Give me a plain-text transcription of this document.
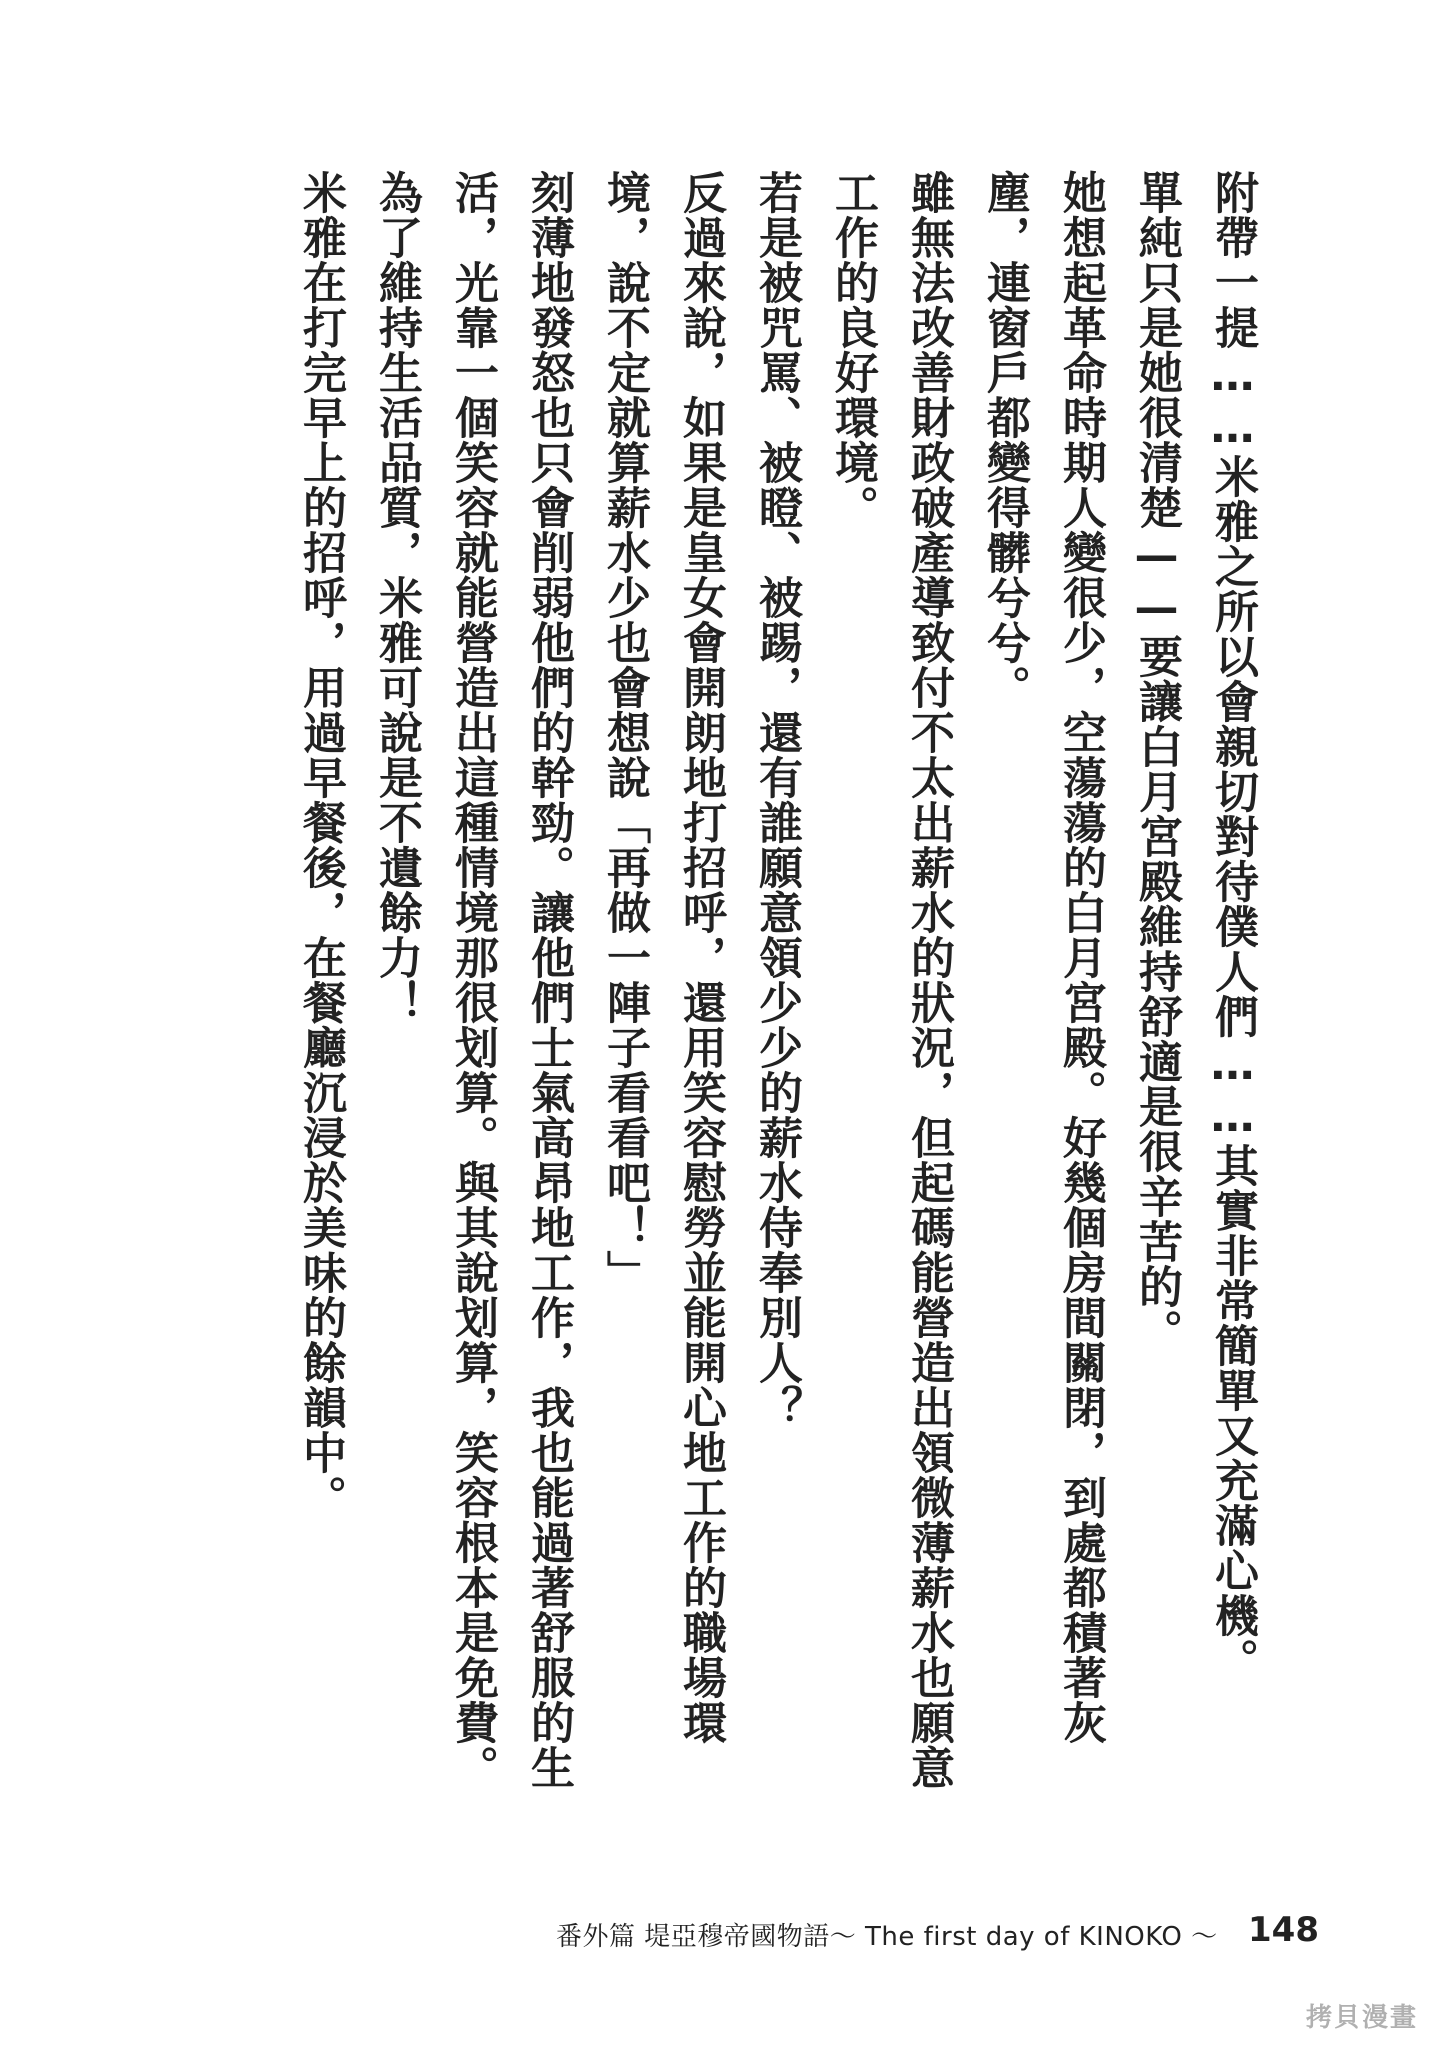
附帶一提……米雅之所以會親切對待僕人們……其實非常簡單又充滿心機。

單純只是她很清楚——要讓白月宮殿維持舒適是很辛苦的。

她想起革命時期人變很少，空蕩蕩的白月宮殿。好幾個房間關閉，到處都積著灰塵，連窗戶都變得髒兮兮。

雖無法改善財政破產導致付不太出薪水的狀況，但起碼能營造出領微薄薪水也願意工作的良好環境。

若是被咒罵、被瞪、被踢，還有誰願意領少少的薪水侍奉別人？

反過來說，如果是皇女會開朗地打招呼，還用笑容慰勞並能開心地工作的職場環境，說不定就算薪水少也會想說「再做一陣子看看吧！」

刻薄地發怒也只會削弱他們的幹勁。讓他們士氣高昂地工作，我也能過著舒服的生活，光靠一個笑容就能營造出這種情境那很划算。與其說划算，笑容根本是免費。

為了維持生活品質，米雅可說是不遺餘力！

米雅在打完早上的招呼，用過早餐後，在餐廳沉浸於美味的餘韻中。

番外篇 堤亞穆帝國物語～ The first day of KINOKO ～ 148
拷貝漫畫
